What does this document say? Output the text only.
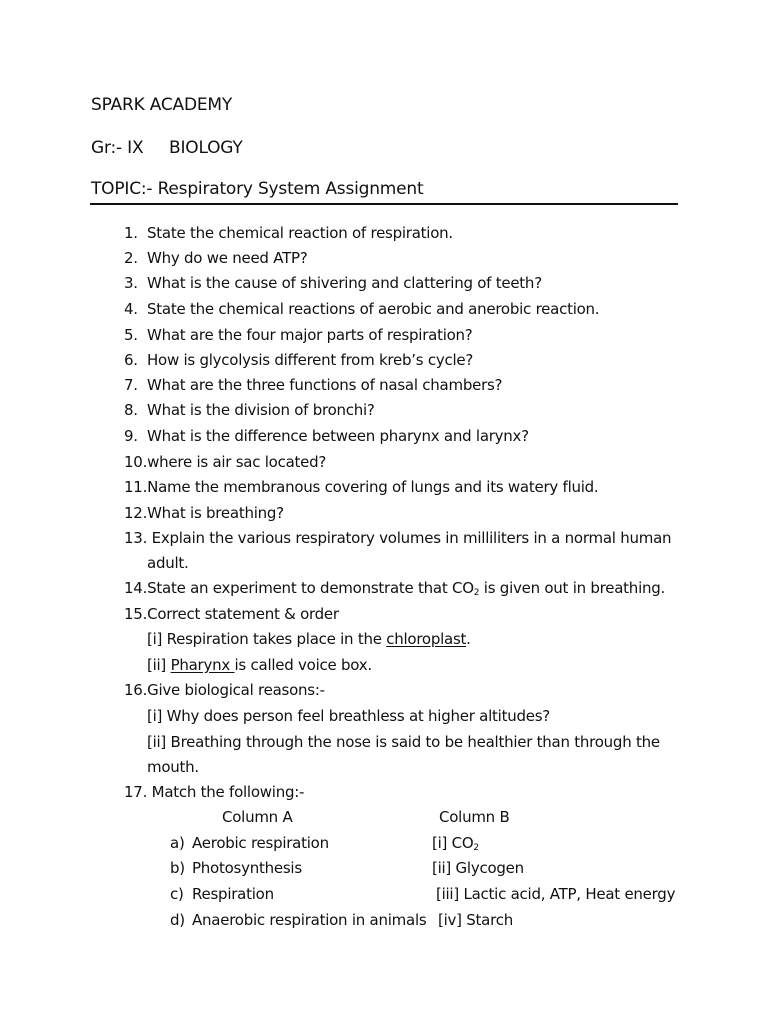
SPARK ACADEMY
Gr:- IX BIOLOGY
TOPIC:- Respiratory System Assignment
1. State the chemical reaction of respiration.
2. Why do we need ATP?
3. What is the cause of shivering and clattering of teeth?
4. State the chemical reactions of aerobic and anerobic reaction.
5. What are the four major parts of respiration?
6. How is glycolysis different from kreb’s cycle?
7. What are the three functions of nasal chambers?
8. What is the division of bronchi?
9. What is the difference between pharynx and larynx?
10.where is air sac located?
11.Name the membranous covering of lungs and its watery fluid.
12.What is breathing?
13. Explain the various respiratory volumes in milliliters in a normal human
adult.
14.State an experiment to demonstrate that $CO_2$ is given out in breathing.
15.Correct statement & order
[i] Respiration takes place in the chloroplast.
[ii] Pharynx is called voice box.
16.Give biological reasons:-
[i] Why does person feel breathless at higher altitudes?
[ii] Breathing through the nose is said to be healthier than through the
mouth.
17. Match the following:-
Column A	Column B
a) Aerobic respiration	[i] $CO_2$
b) Photosynthesis	[ii] Glycogen
c) Respiration	[iii] Lactic acid, ATP, Heat energy
d) Anaerobic respiration in animals [iv] Starch
